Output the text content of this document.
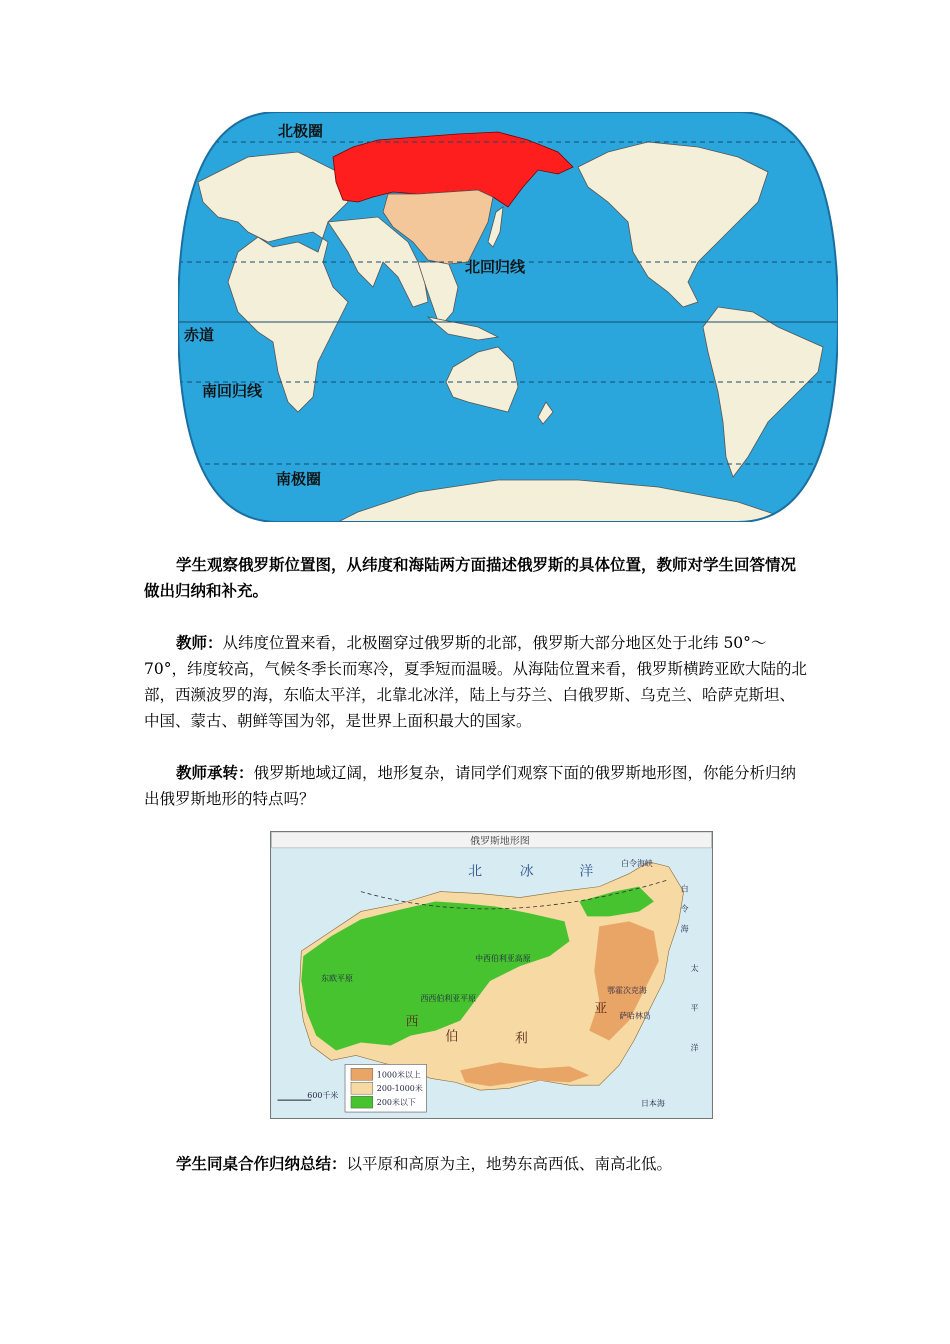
北极圈
北回归线
赤道
南回归线
南极圈

学生观察俄罗斯位置图，从纬度和海陆两方面描述俄罗斯的具体位置，教师对学生回答情况做出归纳和补充。

教师：从纬度位置来看，北极圈穿过俄罗斯的北部，俄罗斯大部分地区处于北纬 50°～70°，纬度较高，气候冬季长而寒冷，夏季短而温暖。从海陆位置来看，俄罗斯横跨亚欧大陆的北部，西濒波罗的海，东临太平洋，北靠北冰洋，陆上与芬兰、白俄罗斯、乌克兰、哈萨克斯坦、中国、蒙古、朝鲜等国为邻，是世界上面积最大的国家。

教师承转：俄罗斯地域辽阔，地形复杂，请同学们观察下面的俄罗斯地形图，你能分析归纳出俄罗斯地形的特点吗？

俄罗斯地形图
北	冰	洋
白令海峡
白
令
海
太
平
洋
鄂霍次克海
萨哈林岛
日本海
东欧平原
西西伯利亚平原
中西伯利亚高原
西
伯	利
亚
1000米以上
200-1000米
200米以下
600千米

学生同桌合作归纳总结：以平原和高原为主，地势东高西低、南高北低。
